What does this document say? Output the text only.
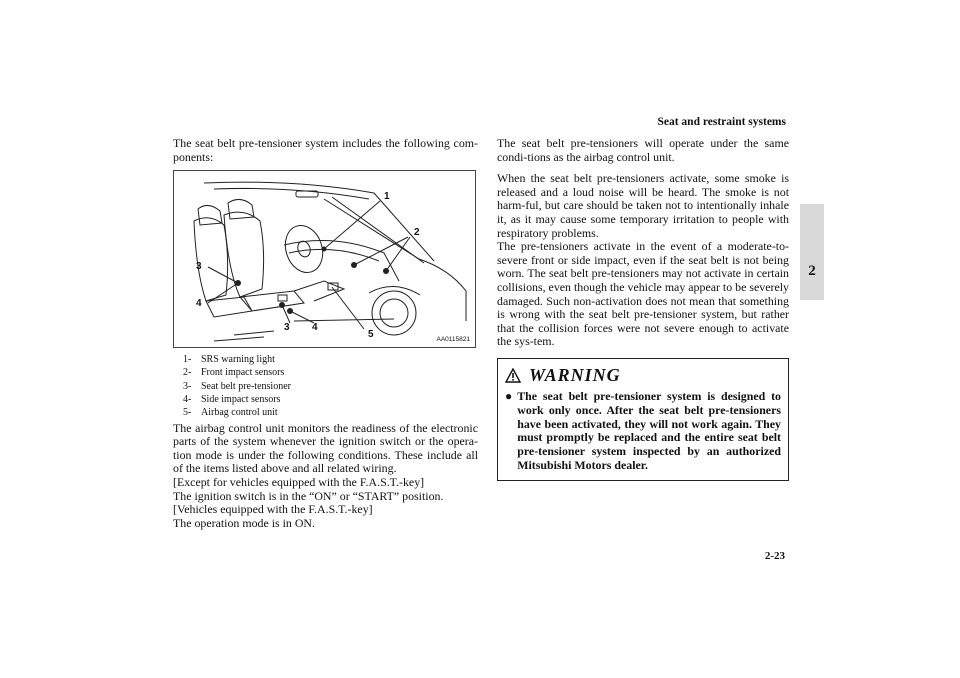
Seat and restraint systems
2

The seat belt pre-tensioner system includes the following com-ponents:

1
2
3
4
3 4
5	AA0115821
1- SRS warning light
2- Front impact sensors
3- Seat belt pre-tensioner
4- Side impact sensors
5- Airbag control unit

The airbag control unit monitors the readiness of the electronic parts of the system whenever the ignition switch or the opera-tion mode is under the following conditions. These include all of the items listed above and all related wiring.

[Except for vehicles equipped with the F.A.S.T.-key]

The ignition switch is in the “ON” or “START” position.

[Vehicles equipped with the F.A.S.T.-key]

The operation mode is in ON.

The seat belt pre-tensioners will operate under the same condi-tions as the airbag control unit.

When the seat belt pre-tensioners activate, some smoke is released and a loud noise will be heard. The smoke is not harm-ful, but care should be taken not to intentionally inhale it, as it may cause some temporary irritation to people with respiratory problems.

The pre-tensioners activate in the event of a moderate-to-severe front or side impact, even if the seat belt is not being worn. The seat belt pre-tensioners may not activate in certain collisions, even though the vehicle may appear to be severely damaged. Such non-activation does not mean that something is wrong with the seat belt pre-tensioner system, but rather that the collision forces were not severe enough to activate the sys-tem.

WARNING
● The seat belt pre-tensioner system is designed to work only once. After the seat belt pre-tensioners have been activated, they will not work again. They must promptly be replaced and the entire seat belt pre-tensioner system inspected by an authorized Mitsubishi Motors dealer.

2-23
